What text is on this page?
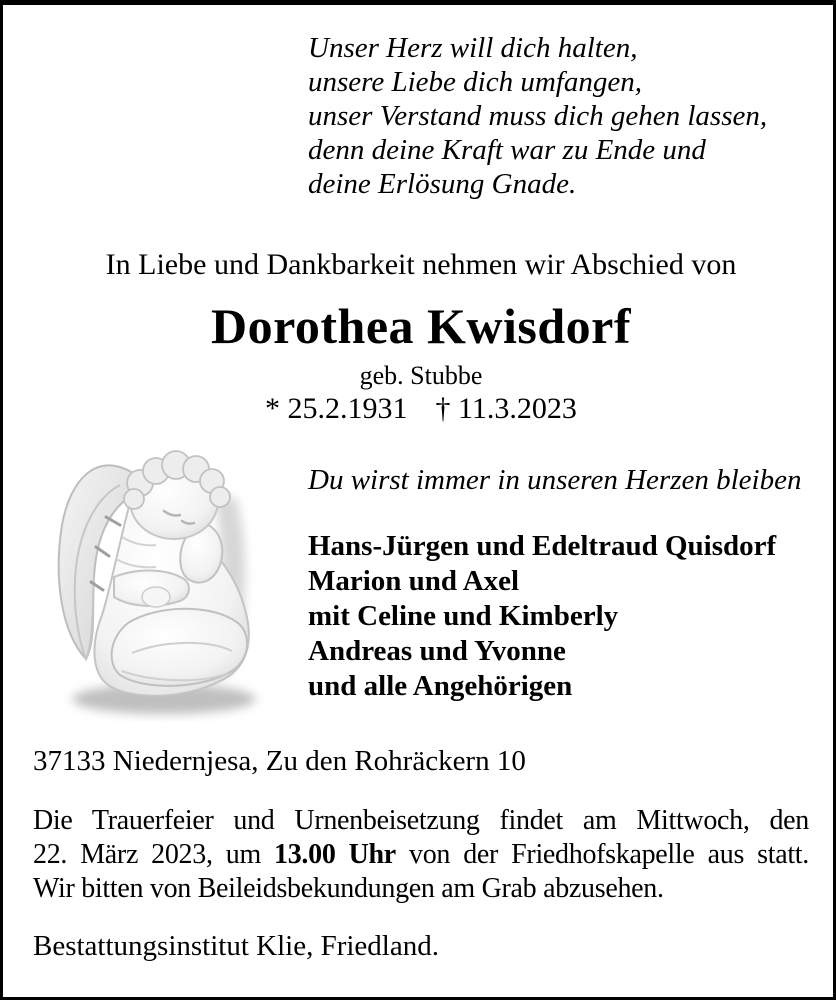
Unser Herz will dich halten,
unsere Liebe dich umfangen,
unser Verstand muss dich gehen lassen,
denn deine Kraft war zu Ende und
deine Erlösung Gnade.
In Liebe und Dankbarkeit nehmen wir Abschied von
Dorothea Kwisdorf
geb. Stubbe
* 25.2.1931 † 11.3.2023
Du wirst immer in unseren Herzen bleiben
Hans-Jürgen und Edeltraud Quisdorf
Marion und Axel
mit Celine und Kimberly
Andreas und Yvonne
und alle Angehörigen
37133 Niedernjesa, Zu den Rohräckern 10
Die Trauerfeier und Urnenbeisetzung findet am Mittwoch, den
22. März 2023, um 13.00 Uhr von der Friedhofskapelle aus statt.
Wir bitten von Beileidsbekundungen am Grab abzusehen.
Bestattungsinstitut Klie, Friedland.
